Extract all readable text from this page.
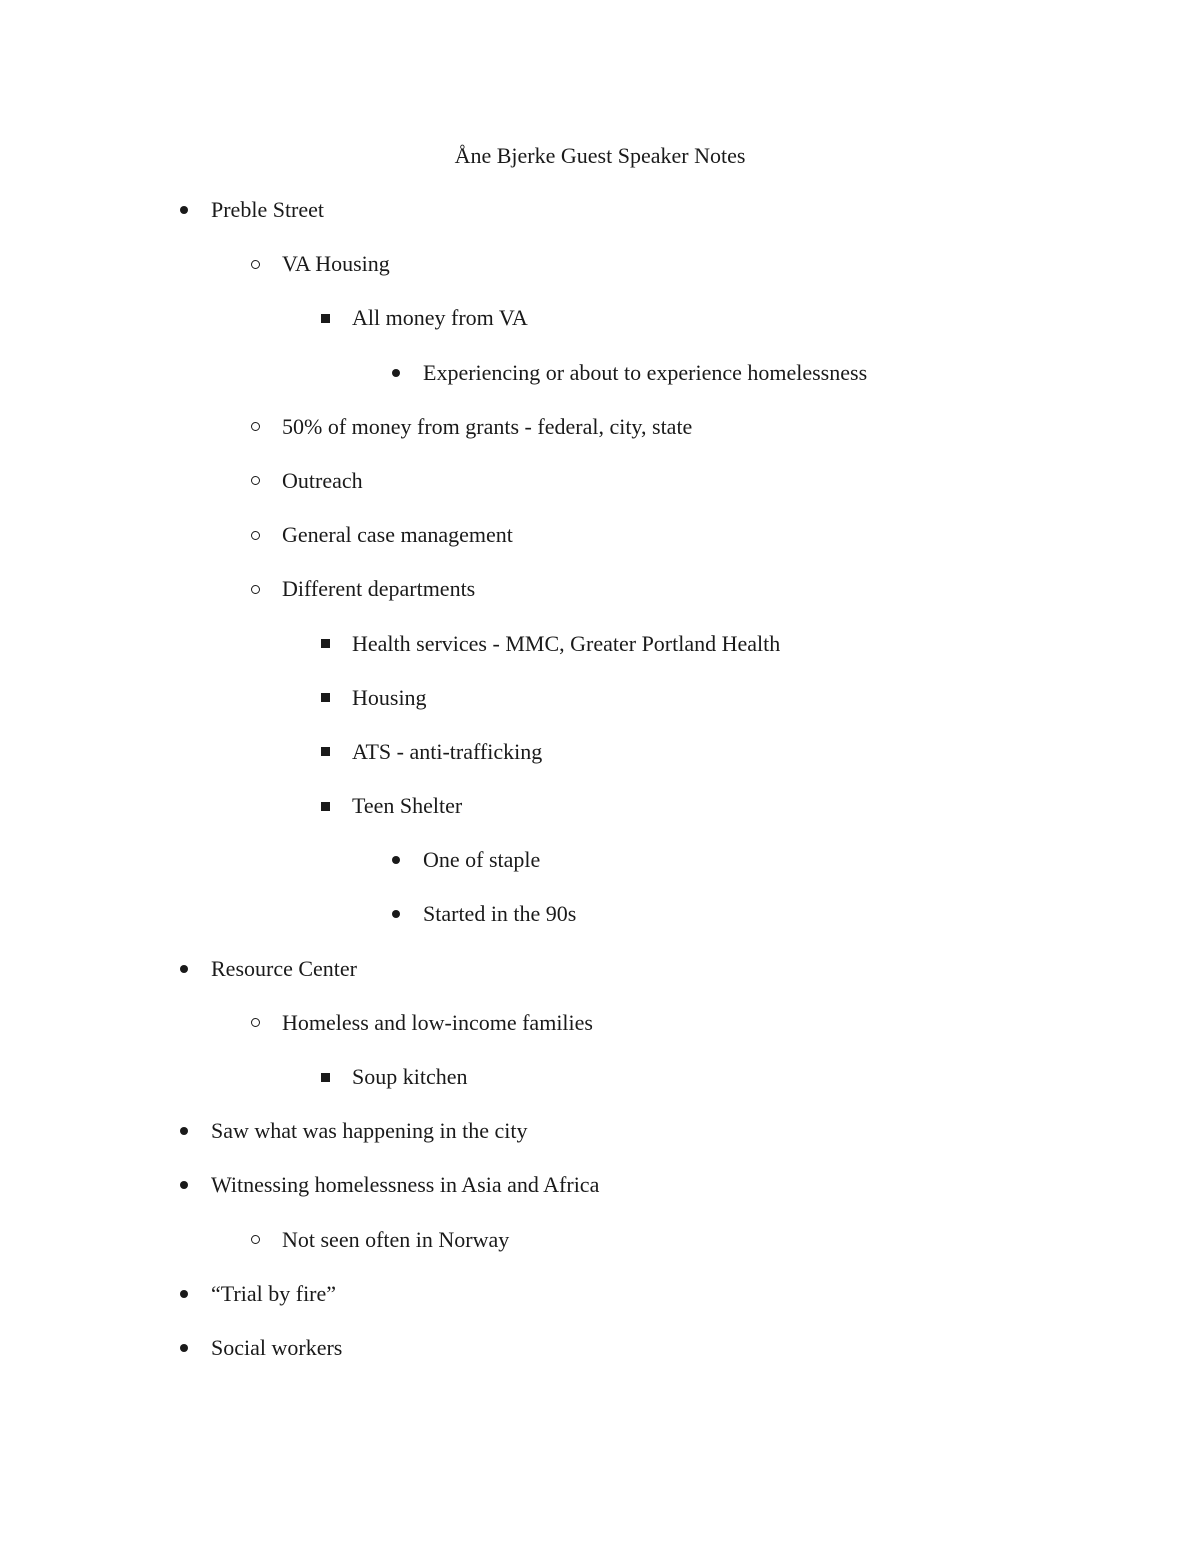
Åne Bjerke Guest Speaker Notes
Preble Street
VA Housing
All money from VA
Experiencing or about to experience homelessness
50% of money from grants - federal, city, state
Outreach
General case management
Different departments
Health services - MMC, Greater Portland Health
Housing
ATS - anti-trafficking
Teen Shelter
One of staple
Started in the 90s
Resource Center
Homeless and low-income families
Soup kitchen
Saw what was happening in the city
Witnessing homelessness in Asia and Africa
Not seen often in Norway
“Trial by fire”
Social workers
